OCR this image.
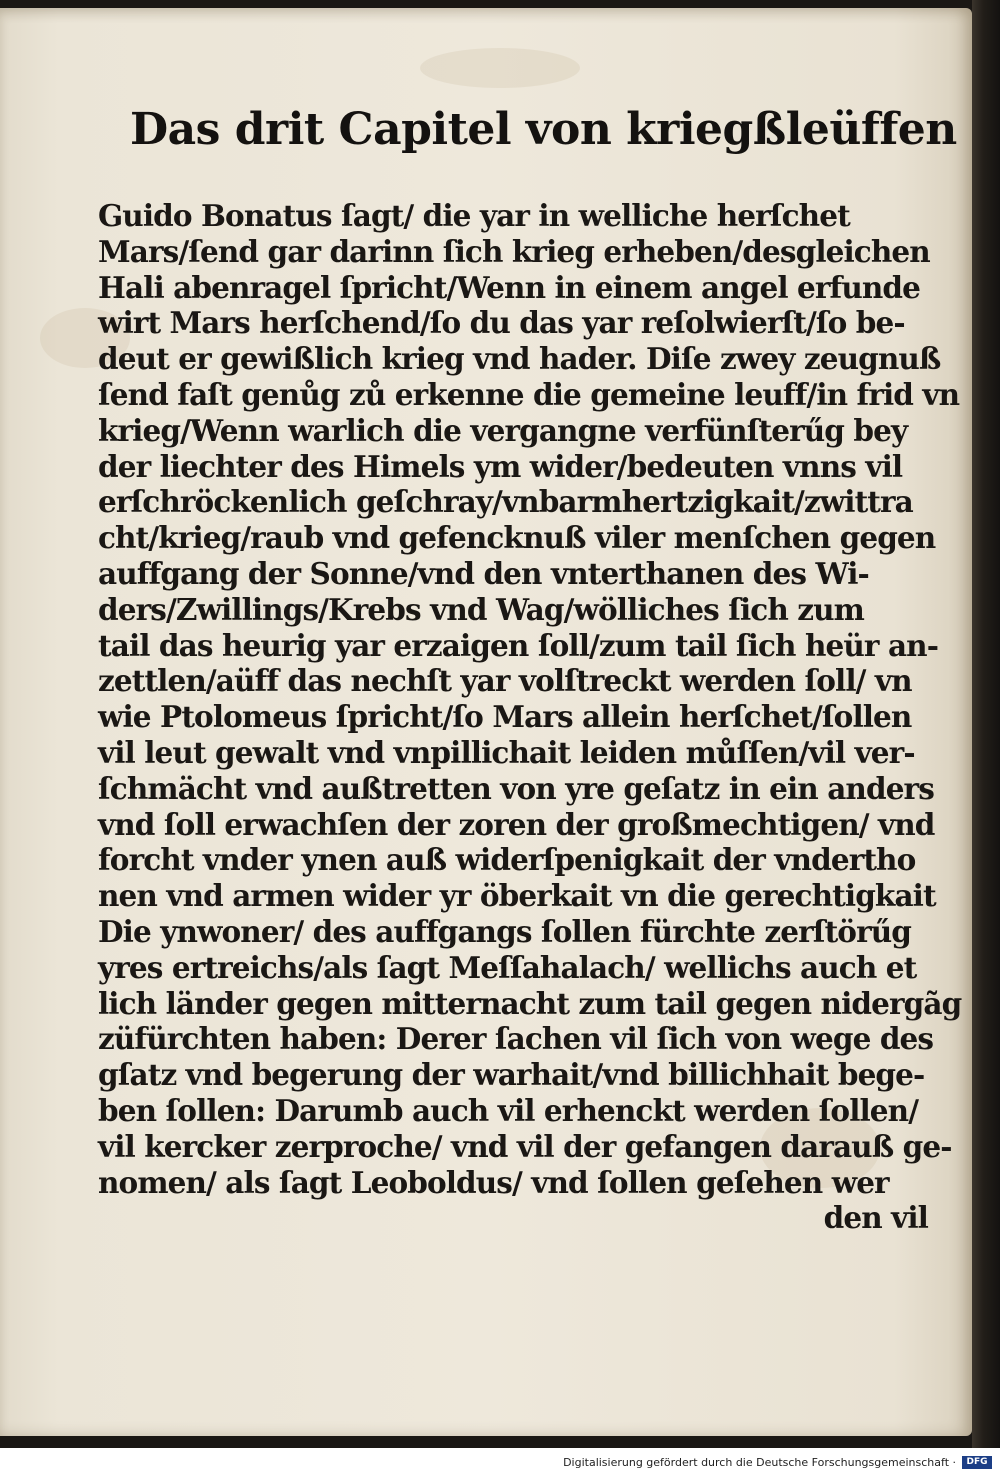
Das drit Capitel von kriegßleüffen
Guido Bonatus ſagt/ die yar in welliche herſchet
Mars/ſend gar darinn ſich krieg erheben/desgleichen
Hali abenragel ſpricht/Wenn in einem angel erfunde
wirt Mars herſchend/ſo du das yar reſolwierſt/ſo be-
deut er gewißlich krieg vnd hader. Diſe zwey zeugnuß
ſend faſt genůg zů erkenne die gemeine leuff/in frid vn
krieg/Wenn warlich die vergangne verfünſterűg bey
der liechter des Himels ym wider/bedeuten vnns vil
erſchröckenlich geſchray/vnbarmhertzigkait/zwittra
cht/krieg/raub vnd gefencknuß viler menſchen gegen
auffgang der Sonne/vnd den vnterthanen des Wi-
ders/Zwillings/Krebs vnd Wag/wölliches ſich zum
tail das heurig yar erzaigen ſoll/zum tail ſich heür an-
zettlen/aüff das nechſt yar volſtreckt werden ſoll/ vn
wie Ptolomeus ſpricht/ſo Mars allein herſchet/ſollen
vil leut gewalt vnd vnpillichait leiden můſſen/vil ver-
ſchmächt vnd außtretten von yre geſatz in ein anders
vnd ſoll erwachſen der zoren der großmechtigen/ vnd
forcht vnder ynen auß widerſpenigkait der vndertho
nen vnd armen wider yr öberkait vn die gerechtigkait
Die ynwoner/ des auffgangs ſollen fürchte zerſtörűg
yres ertreichs/als ſagt Meſſahalach/ wellichs auch et
lich länder gegen mitternacht zum tail gegen nidergãg
züfürchten haben: Derer ſachen vil ſich von wege des
gſatz vnd begerung der warhait/vnd billichhait bege-
ben ſollen: Darumb auch vil erhenckt werden ſollen/
vil kercker zerproche/ vnd vil der gefangen darauß ge-
nomen/ als ſagt Leoboldus/ vnd ſollen geſehen wer
den vil
Digitalisierung gefördert durch die Deutsche Forschungsgemeinschaft ·	DFG
